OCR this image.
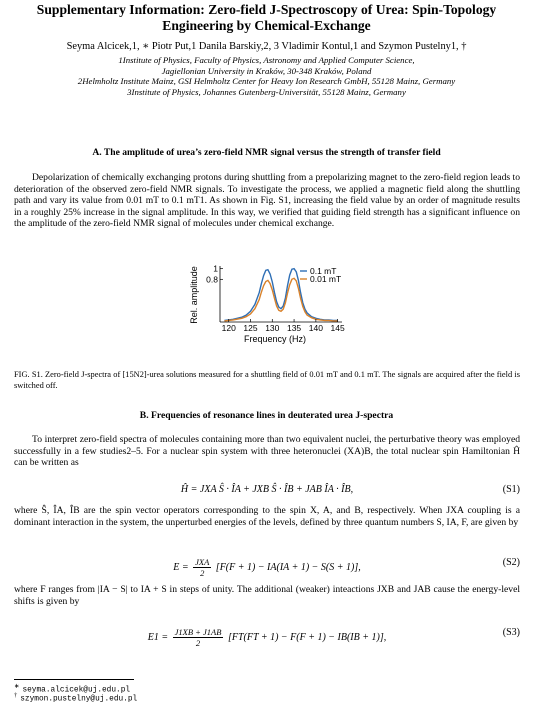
Supplementary Information: Zero-field J-Spectroscopy of Urea: Spin-Topology
Engineering by Chemical-Exchange
Seyma Alcicek,1, ∗ Piotr Put,1 Danila Barskiy,2, 3 Vladimir Kontul,1 and Szymon Pustelny1, †
1Institute of Physics, Faculty of Physics, Astronomy and Applied Computer Science,
Jagiellonian University in Kraków, 30-348 Kraków, Poland
2Helmholtz Institute Mainz, GSI Helmholtz Center for Heavy Ion Research GmbH, 55128 Mainz, Germany
3Institute of Physics, Johannes Gutenberg-Universität, 55128 Mainz, Germany
A. The amplitude of urea’s zero-field NMR signal versus the strength of transfer field
Depolarization of chemically exchanging protons during shuttling from a prepolarizing magnet to the zero-field region leads to deterioration of the observed zero-field NMR signals. To investigate the process, we applied a magnetic field along the shuttling path and vary its value from 0.01 mT to 0.1 mT1. As shown in Fig. S1, increasing the field value by an order of magnitude results in a roughly 25% increase in the signal amplitude. In this way, we verified that guiding field strength has a significant influence on the amplitude of the zero-field NMR signal of molecules under chemical exchange.
120 125 130 135 140 145
0.8
1	0.1 mT
0.01 mT
Frequency (Hz)
Rel. amplitude
FIG. S1. Zero-field J-spectra of [15N2]-urea solutions measured for a shuttling field of 0.01 mT and 0.1 mT. The signals are acquired after the field is switched off.
B. Frequencies of resonance lines in deuterated urea J-spectra
To interpret zero-field spectra of molecules containing more than two equivalent nuclei, the perturbative theory was employed successfully in a few studies2–5. For a nuclear spin system with three heteronuclei (XA)B, the total nuclear spin Hamiltonian Ĥ can be written as
Ĥ = JXA Ŝ · ÎA + JXB Ŝ · ÎB + JAB ÎA · ÎB,	(S1)
where Ŝ, ÎA, ÎB are the spin vector operators corresponding to the spin X, A, and B, respectively. When JXA coupling is a dominant interaction in the system, the unperturbed energies of the levels, defined by three quantum numbers S, IA, F, are given by
$E = \frac{\text{JXA}}{2} [F(F + 1) - IA(IA + 1) - S(S + 1)]$,	(S2)
where F ranges from |IA − S| to IA + S in steps of unity. The additional (weaker) inteactions JXB and JAB cause the energy-level shifts is given by
$E1 = \frac{J1XB + J1AB}{2} [FT(FT + 1) - F(F + 1) - IB(IB + 1)]$,	(S3)
∗seyma.alcicek@uj.edu.pl
†szymon.pustelny@uj.edu.pl
